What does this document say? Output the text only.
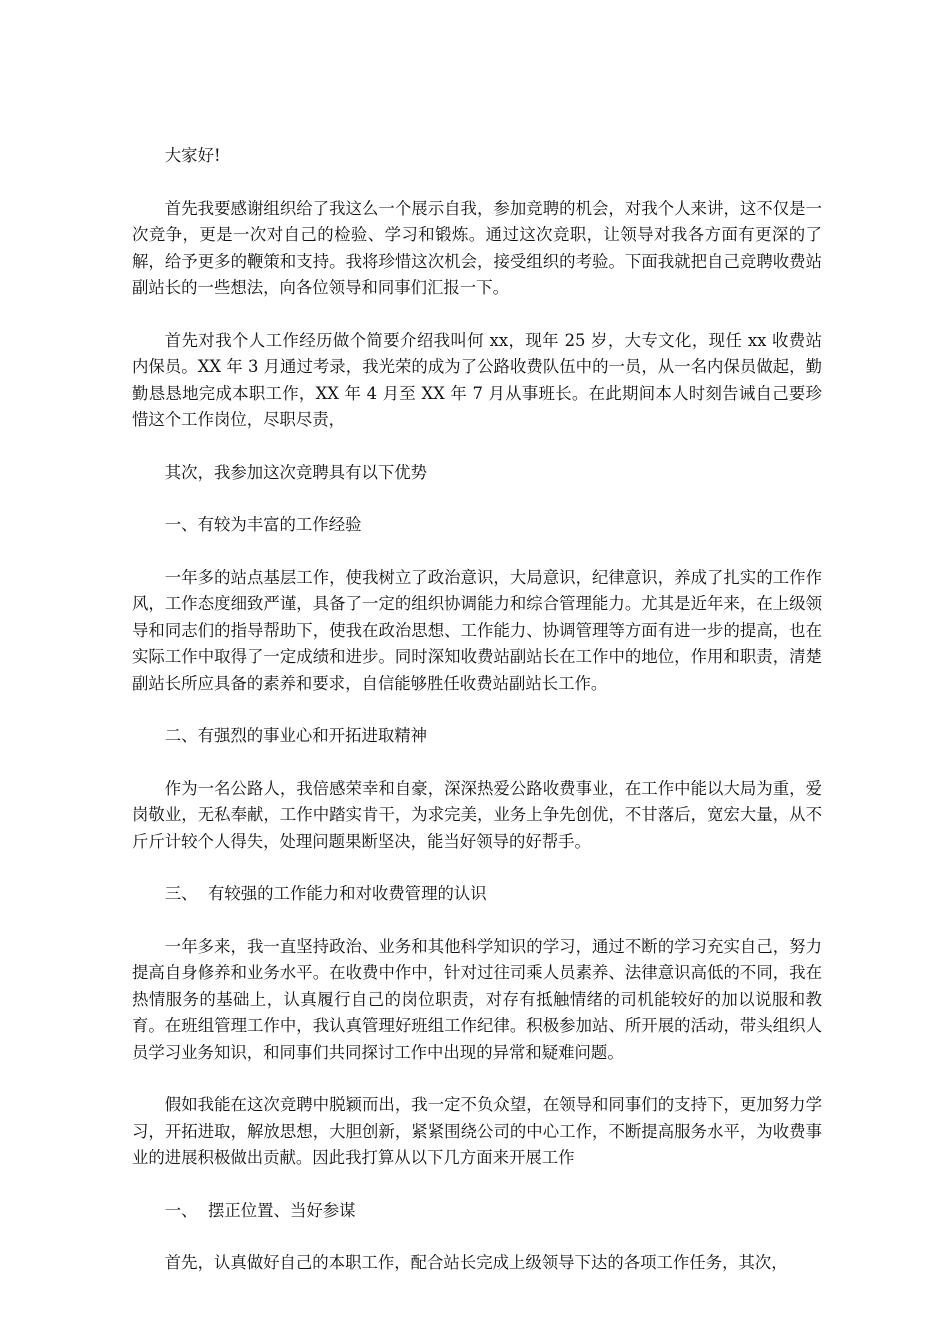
大家好!

首先我要感谢组织给了我这么一个展示自我，参加竞聘的机会，对我个人来讲，这不仅是一次竞争，更是一次对自己的检验、学习和锻炼。通过这次竞职，让领导对我各方面有更深的了解，给予更多的鞭策和支持。我将珍惜这次机会，接受组织的考验。下面我就把自己竞聘收费站副站长的一些想法，向各位领导和同事们汇报一下。

首先对我个人工作经历做个简要介绍我叫何 xx，现年 25 岁，大专文化，现任 xx 收费站内保员。XX 年 3 月通过考录，我光荣的成为了公路收费队伍中的一员，从一名内保员做起，勤勤恳恳地完成本职工作，XX 年 4 月至 XX 年 7 月从事班长。在此期间本人时刻告诫自己要珍惜这个工作岗位，尽职尽责，

其次，我参加这次竞聘具有以下优势

一、有较为丰富的工作经验

一年多的站点基层工作，使我树立了政治意识，大局意识，纪律意识，养成了扎实的工作作风，工作态度细致严谨，具备了一定的组织协调能力和综合管理能力。尤其是近年来，在上级领导和同志们的指导帮助下，使我在政治思想、工作能力、协调管理等方面有进一步的提高，也在实际工作中取得了一定成绩和进步。同时深知收费站副站长在工作中的地位，作用和职责，清楚副站长所应具备的素养和要求，自信能够胜任收费站副站长工作。

二、有强烈的事业心和开拓进取精神

作为一名公路人，我倍感荣幸和自豪，深深热爱公路收费事业，在工作中能以大局为重，爱岗敬业，无私奉献，工作中踏实肯干，为求完美，业务上争先创优，不甘落后，宽宏大量，从不斤斤计较个人得失，处理问题果断坚决，能当好领导的好帮手。

三、  有较强的工作能力和对收费管理的认识

一年多来，我一直坚持政治、业务和其他科学知识的学习，通过不断的学习充实自己，努力提高自身修养和业务水平。在收费中作中，针对过往司乘人员素养、法律意识高低的不同，我在热情服务的基础上，认真履行自己的岗位职责，对存有抵触情绪的司机能较好的加以说服和教育。在班组管理工作中，我认真管理好班组工作纪律。积极参加站、所开展的活动，带头组织人员学习业务知识，和同事们共同探讨工作中出现的异常和疑难问题。

假如我能在这次竞聘中脱颖而出，我一定不负众望，在领导和同事们的支持下，更加努力学习，开拓进取，解放思想，大胆创新，紧紧围绕公司的中心工作，不断提高服务水平，为收费事业的进展积极做出贡献。因此我打算从以下几方面来开展工作

一、  摆正位置、当好参谋

首先，认真做好自己的本职工作，配合站长完成上级领导下达的各项工作任务，其次，
